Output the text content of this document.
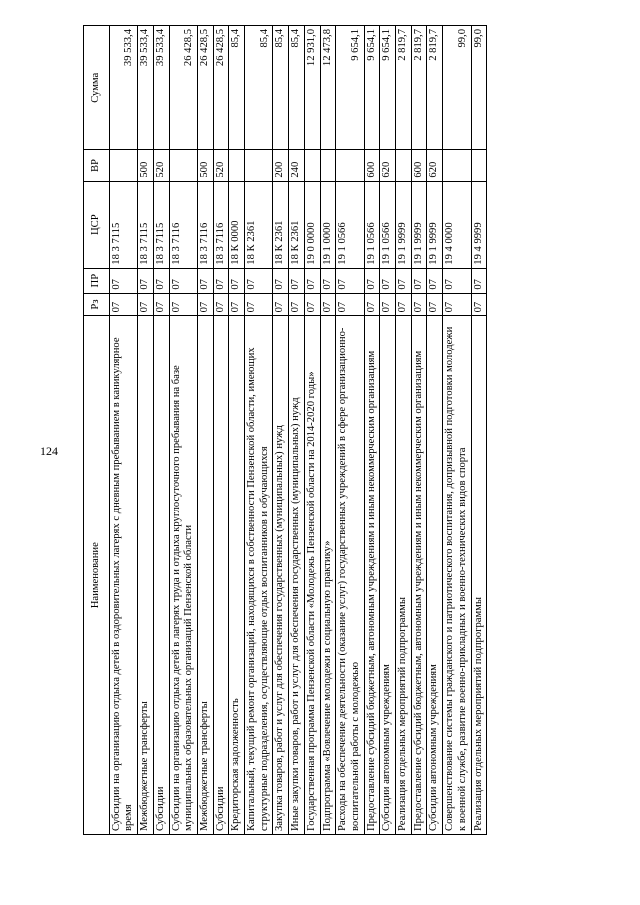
124
Наименование	Рз	ПР	ЦСР	ВР	Сумма
Субсидии на организацию отдыха детей в оздоровительных лагерях с дневным пребыванием в каникулярное время	07	07	18 3 7115		39 533,4
Межбюджетные трансферты	07	07	18 3 7115	500	39 533,4
Субсидии	07	07	18 3 7115	520	39 533,4
Субсидии на организацию отдыха детей в лагерях труда и отдыха круглосуточного пребывания на базе муниципальных образовательных организаций Пензенской области	07	07	18 3 7116		26 428,5
Межбюджетные трансферты	07	07	18 3 7116	500	26 428,5
Субсидии	07	07	18 3 7116	520	26 428,5
Кредиторская задолженность	07	07	18 К 0000		85,4
Капитальный, текущий ремонт организаций, находящихся в собственности Пензенской области, имеющих структурные подразделения, осуществляющие отдых воспитанников и обучающихся	07	07	18 К 2361		85,4
Закупка товаров, работ и услуг для обеспечения государственных (муниципальных) нужд	07	07	18 К 2361	200	85,4
Иные закупки товаров, работ и услуг для обеспечения государственных (муниципальных) нужд	07	07	18 К 2361	240	85,4
Государственная программа Пензенской области «Молодежь Пензенской области на 2014-2020 годы»	07	07	19 0 0000		12 931,0
Подпрограмма «Вовлечение молодежи в социальную практику»	07	07	19 1 0000		12 473,8
Расходы на обеспечение деятельности (оказание услуг) государственных учреждений в сфере организационно-воспитательной работы с молодежью	07	07	19 1 0566		9 654,1
Предоставление субсидий бюджетным, автономным учреждениям и иным некоммерческим организациям	07	07	19 1 0566	600	9 654,1
Субсидии автономным учреждениям	07	07	19 1 0566	620	9 654,1
Реализация отдельных мероприятий подпрограммы	07	07	19 1 9999		2 819,7
Предоставление субсидий бюджетным, автономным учреждениям и иным некоммерческим организациям	07	07	19 1 9999	600	2 819,7
Субсидии автономным учреждениям	07	07	19 1 9999	620	2 819,7
Совершенствование системы гражданского и патриотического воспитания, допризывной подготовки молодежи к военной службе, развитие военно-прикладных и военно-технических видов спорта	07	07	19 4 0000		99,0
Реализация отдельных мероприятий подпрограммы	07	07	19 4 9999		99,0
